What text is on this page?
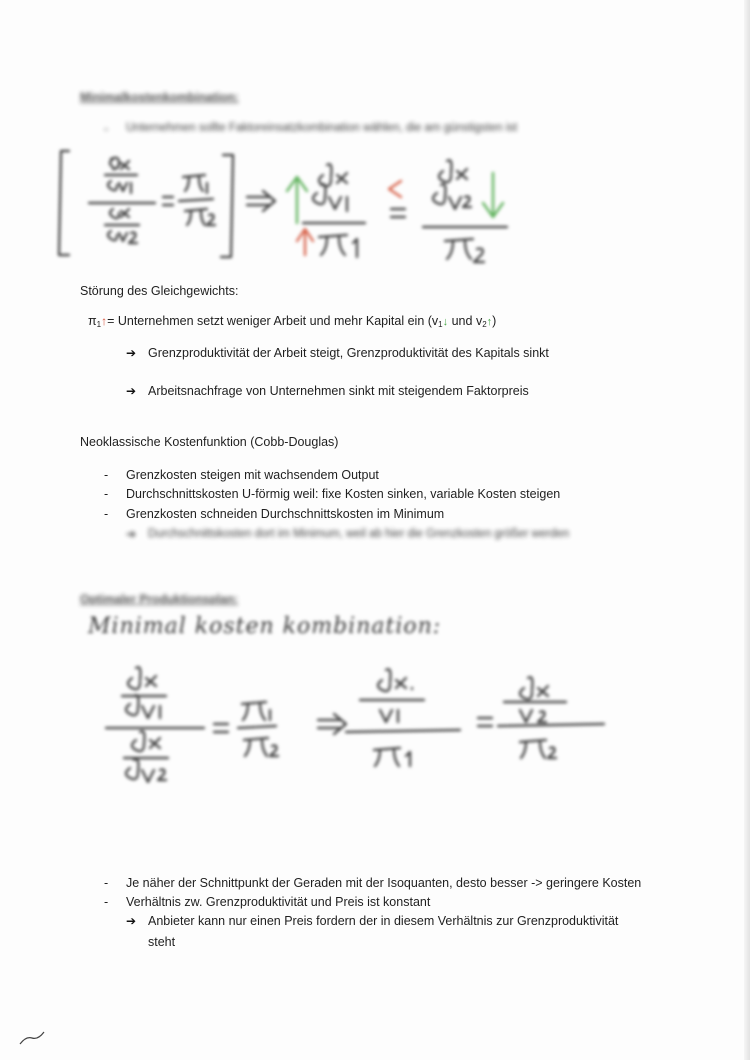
Minimalkostenkombination:
- Unternehmen sollte Faktoreinsatzkombination wählen, die am günstigsten ist
Störung des Gleichgewichts:
$\pi_1↑=$ Unternehmen setzt weniger Arbeit und mehr Kapital ein ($v_1↓$ und $v_2↑$)
➔ Grenzproduktivität der Arbeit steigt, Grenzproduktivität des Kapitals sinkt
➔ Arbeitsnachfrage von Unternehmen sinkt mit steigendem Faktorpreis
Neoklassische Kostenfunktion (Cobb-Douglas)
- Grenzkosten steigen mit wachsendem Output
- Durchschnittskosten U-förmig weil: fixe Kosten sinken, variable Kosten steigen
- Grenzkosten schneiden Durchschnittskosten im Minimum
➔ Durchschnittskosten dort im Minimum, weil ab hier die Grenzkosten größer werden
Optimaler Produktionsplan:
Minimal kosten kombination:
- Je näher der Schnittpunkt der Geraden mit der Isoquanten, desto besser -> geringere Kosten
- Verhältnis zw. Grenzproduktivität und Preis ist konstant
➔ Anbieter kann nur einen Preis fordern der in diesem Verhältnis zur Grenzproduktivität
steht
